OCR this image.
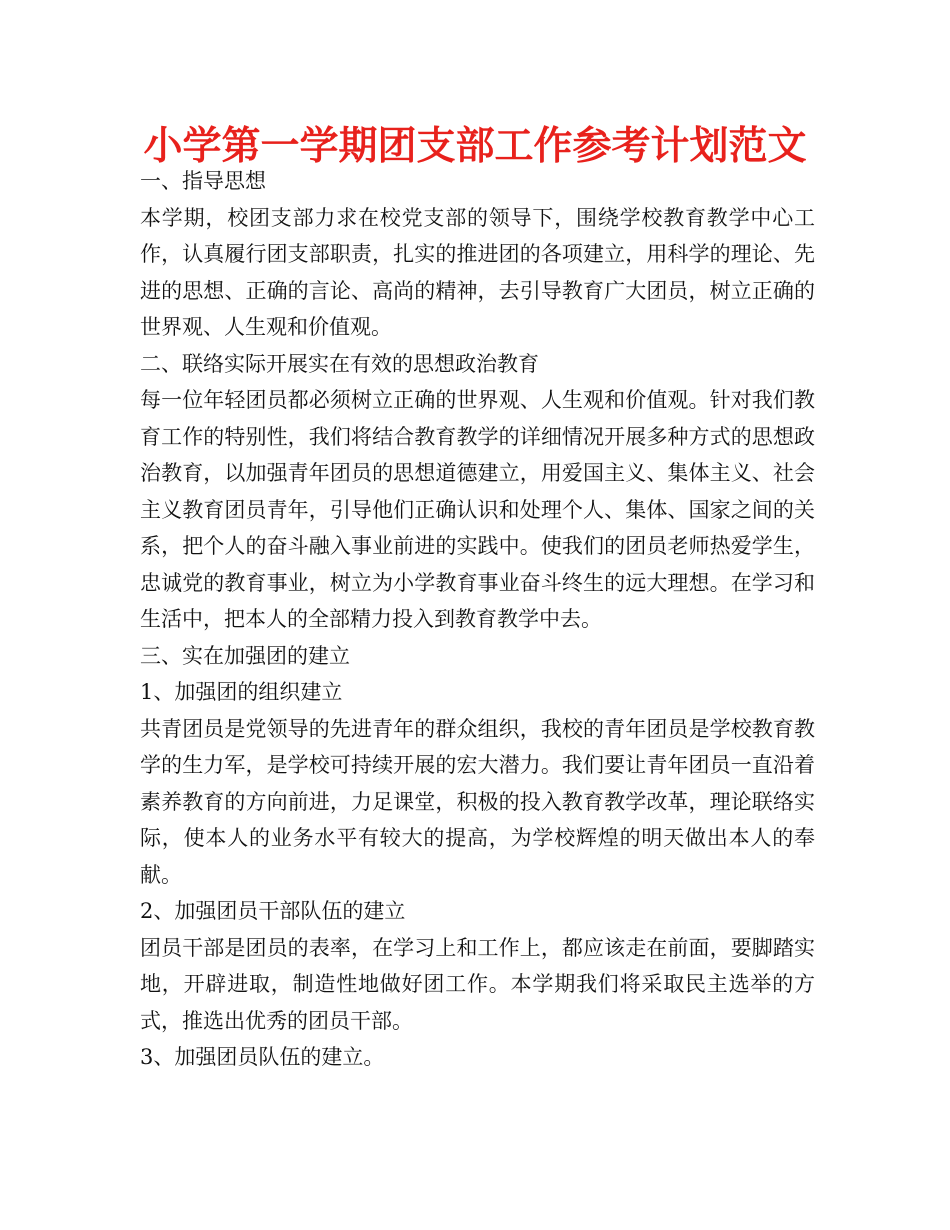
小学第一学期团支部工作参考计划范文

一、指导思想

本学期，校团支部力求在校党支部的领导下，围绕学校教育教学中心工作，认真履行团支部职责，扎实的推进团的各项建立，用科学的理论、先进的思想、正确的言论、高尚的精神，去引导教育广大团员，树立正确的世界观、人生观和价值观。

二、联络实际开展实在有效的思想政治教育

每一位年轻团员都必须树立正确的世界观、人生观和价值观。针对我们教育工作的特别性，我们将结合教育教学的详细情况开展多种方式的思想政治教育，以加强青年团员的思想道德建立，用爱国主义、集体主义、社会主义教育团员青年，引导他们正确认识和处理个人、集体、国家之间的关系，把个人的奋斗融入事业前进的实践中。使我们的团员老师热爱学生，忠诚党的教育事业，树立为小学教育事业奋斗终生的远大理想。在学习和生活中，把本人的全部精力投入到教育教学中去。

三、实在加强团的建立

1、加强团的组织建立

共青团员是党领导的先进青年的群众组织，我校的青年团员是学校教育教学的生力军，是学校可持续开展的宏大潜力。我们要让青年团员一直沿着素养教育的方向前进，力足课堂，积极的投入教育教学改革，理论联络实际，使本人的业务水平有较大的提高，为学校辉煌的明天做出本人的奉献。

2、加强团员干部队伍的建立

团员干部是团员的表率，在学习上和工作上，都应该走在前面，要脚踏实地，开辟进取，制造性地做好团工作。本学期我们将采取民主选举的方式，推选出优秀的团员干部。

3、加强团员队伍的建立。
